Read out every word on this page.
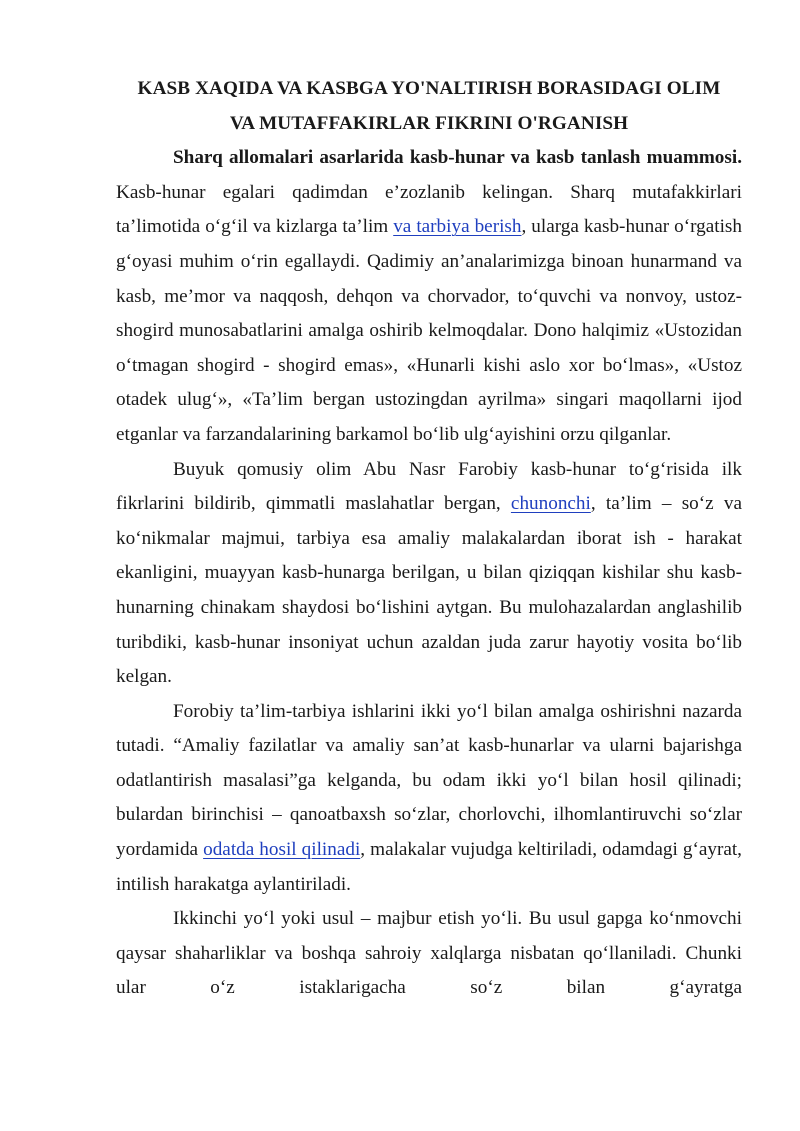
KASB XAQIDA VA KASBGA YO'NALTIRISH BORASIDAGI OLIM
VA MUTAFFAKIRLAR FIKRINI O'RGANISH

Sharq allomalari asarlarida kasb-hunar va kasb tanlash muammosi. Kasb-hunar egalari qadimdan e’zozlanib kelingan. Sharq mutafakkirlari ta’limotida o‘g‘il va kizlarga ta’lim va tarbiya berish, ularga kasb-hunar o‘rgatish g‘oyasi muhim o‘rin egallaydi. Qadimiy an’analarimizga binoan hunarmand va kasb, me’mor va naqqosh, dehqon va chorvador, to‘quvchi va nonvoy, ustoz-shogird munosabatlarini amalga oshirib kelmoqdalar. Dono halqimiz «Ustozidan o‘tmagan shogird - shogird emas», «Hunarli kishi aslo xor bo‘lmas», «Ustoz otadek ulug‘», «Ta’lim bergan ustozingdan ayrilma» singari maqollarni ijod etganlar va farzandalarining barkamol bo‘lib ulg‘ayishini orzu qilganlar.

Buyuk qomusiy olim Abu Nasr Farobiy kasb-hunar to‘g‘risida ilk fikrlarini bildirib, qimmatli maslahatlar bergan, chunonchi, ta’lim – so‘z va ko‘nikmalar majmui, tarbiya esa amaliy malakalardan iborat ish - harakat ekanligini, muayyan kasb-hunarga berilgan, u bilan qiziqqan kishilar shu kasb- hunarning chinakam shaydosi bo‘lishini aytgan. Bu mulohazalardan anglashilib turibdiki, kasb-hunar insoniyat uchun azaldan juda zarur hayotiy vosita bo‘lib kelgan.

Forobiy ta’lim-tarbiya ishlarini ikki yo‘l bilan amalga oshirishni nazarda tutadi. “Amaliy fazilatlar va amaliy san’at kasb-hunarlar va ularni bajarishga odatlantirish masalasi”ga kelganda, bu odam ikki yo‘l bilan hosil qilinadi; bulardan birinchisi – qanoatbaxsh so‘zlar, chorlovchi, ilhomlantiruvchi so‘zlar yordamida odatda hosil qilinadi, malakalar vujudga keltiriladi, odamdagi g‘ayrat, intilish harakatga aylantiriladi.

Ikkinchi yo‘l yoki usul – majbur etish yo‘li. Bu usul gapga ko‘nmovchi qaysar shaharliklar va boshqa sahroiy xalqlarga nisbatan qo‘llaniladi. Chunki ular o‘z istaklarigacha so‘z bilan g‘ayratga
